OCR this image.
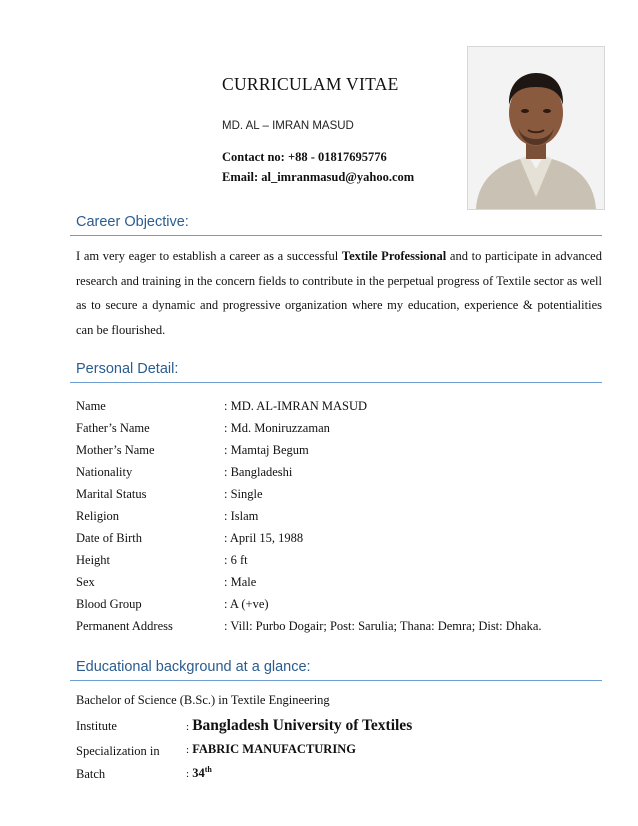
CURRICULAM VITAE
MD. AL – IMRAN MASUD
Contact no: +88 - 01817695776
Email: al_imranmasud@yahoo.com
Career Objective:
I am very eager to establish a career as a successful Textile Professional and to participate in advanced research and training in the concern fields to contribute in the perpetual progress of Textile sector as well as to secure a dynamic and progressive organization where my education, experience & potentialities can be flourished.
Personal Detail:
Name	: MD. AL-IMRAN MASUD
Father’s Name	: Md. Moniruzzaman
Mother’s Name	: Mamtaj Begum
Nationality	: Bangladeshi
Marital Status	: Single
Religion	: Islam
Date of Birth	: April 15, 1988
Height	: 6 ft
Sex	: Male
Blood Group	: A (+ve)
Permanent Address	: Vill: Purbo Dogair; Post: Sarulia; Thana: Demra; Dist: Dhaka.
Educational background at a glance:
Bachelor of Science (B.Sc.) in Textile Engineering
Institute	: Bangladesh University of Textiles
Specialization in : FABRIC MANUFACTURING
Batch	: 34th
